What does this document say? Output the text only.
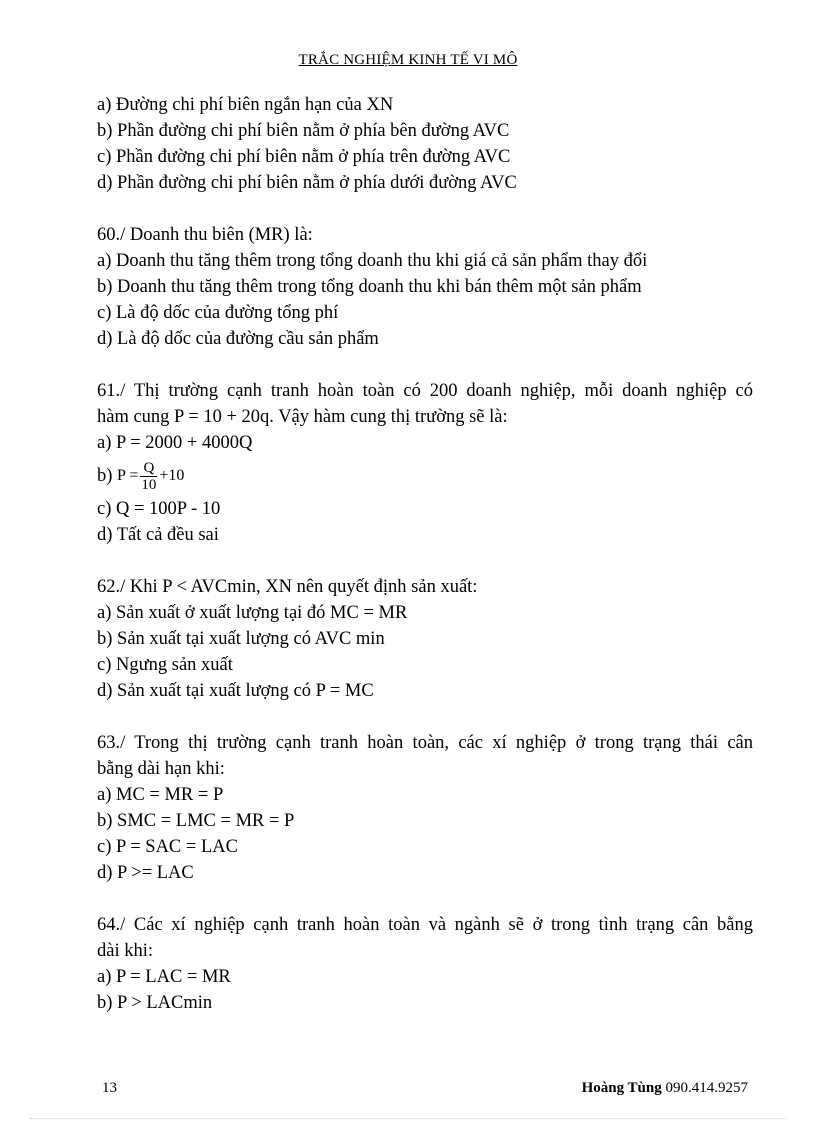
TRẮC NGHIỆM KINH TẾ VI MÔ
a) Đường chi phí biên ngắn hạn của XN
b) Phần đường chi phí biên nằm ở phía bên đường AVC
c) Phần đường chi phí biên nằm ở phía trên đường AVC
d) Phần đường chi phí biên nằm ở phía dưới đường AVC
60./ Doanh thu biên (MR) là:
a) Doanh thu tăng thêm trong tổng doanh thu khi giá cả sản phẩm thay đổi
b) Doanh thu tăng thêm trong tổng doanh thu khi bán thêm một sản phẩm
c) Là độ dốc của đường tổng phí
d) Là độ dốc của đường cầu sản phẩm
61./ Thị trường cạnh tranh hoàn toàn có 200 doanh nghiệp, mỗi doanh nghiệp có
hàm cung P = 10 + 20q. Vậy hàm cung thị trường sẽ là:
a) P = 2000 + 4000Q
b)
$P = \frac{Q}{10} +10$
c) Q = 100P - 10
d) Tất cả đều sai
62./ Khi P < AVCmin, XN nên quyết định sản xuất:
a) Sản xuất ở xuất lượng tại đó MC = MR
b) Sản xuất tại xuất lượng có AVC min
c) Ngưng sản xuất
d) Sản xuất tại xuất lượng có P = MC
63./ Trong thị trường cạnh tranh hoàn toàn, các xí nghiệp ở trong trạng thái cân
bằng dài hạn khi:
a) MC = MR = P
b) SMC = LMC = MR = P
c) P = SAC = LAC
d) P >= LAC
64./ Các xí nghiệp cạnh tranh hoàn toàn và ngành sẽ ở trong tình trạng cân bằng
dài khi:
a) P = LAC = MR
b) P > LACmin
13	Hoàng Tùng 090.414.9257
